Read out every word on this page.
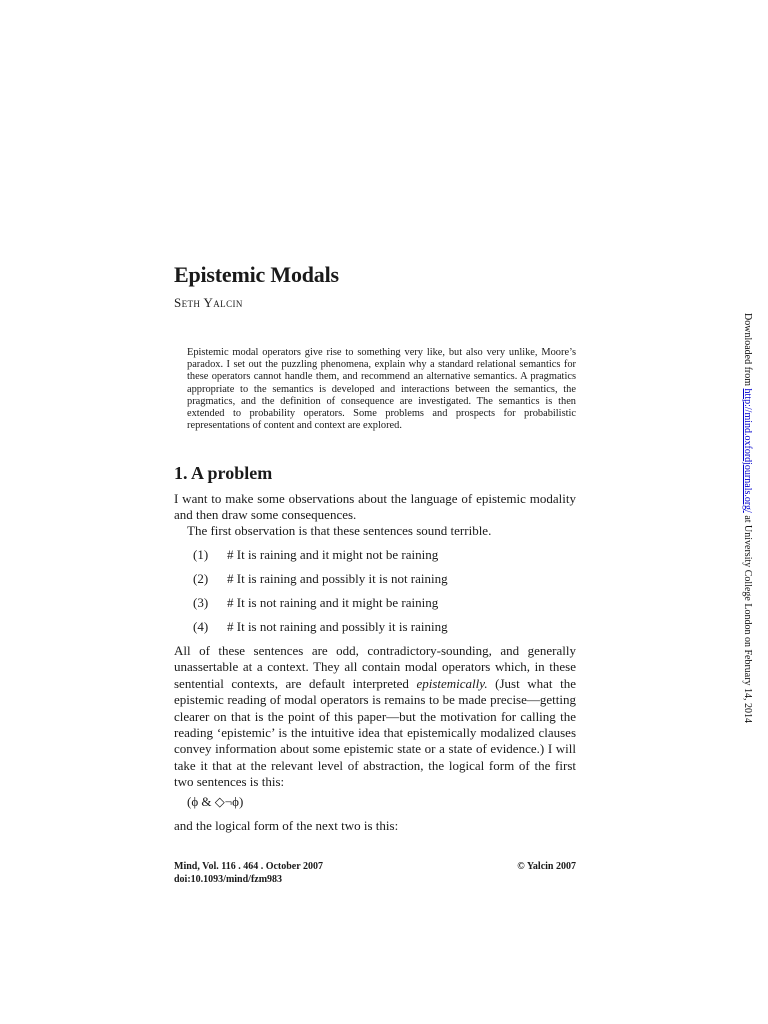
Epistemic Modals
Seth Yalcin

Epistemic modal operators give rise to something very like, but also very unlike, Moore’s paradox. I set out the puzzling phenomena, explain why a standard relational semantics for these operators cannot handle them, and recommend an alternative semantics. A pragmatics appropriate to the semantics is developed and interactions between the semantics, the pragmatics, and the definition of consequence are investigated. The semantics is then extended to probability operators. Some problems and prospects for probabilistic representations of content and context are explored.

1. A problem

I want to make some observations about the language of epistemic modality and then draw some consequences.

The first observation is that these sentences sound terrible.

(1) # It is raining and it might not be raining
(2) # It is raining and possibly it is not raining
(3) # It is not raining and it might be raining
(4) # It is not raining and possibly it is raining

All of these sentences are odd, contradictory-sounding, and generally unassertable at a context. They all contain modal operators which, in these sentential contexts, are default interpreted epistemically. (Just what the epistemic reading of modal operators is remains to be made precise—getting clearer on that is the point of this paper—but the motivation for calling the reading ‘epistemic’ is the intuitive idea that epistemically modalized clauses convey information about some epistemic state or a state of evidence.) I will take it that at the relevant level of abstraction, the logical form of the first two sentences is this:

(ϕ & ◇¬ϕ)

and the logical form of the next two is this:

Mind, Vol. 116 . 464 . October 2007
doi:10.1093/mind/fzm983
© Yalcin 2007
Downloaded from http://mind.oxfordjournals.org/ at University College London on February 14, 2014
